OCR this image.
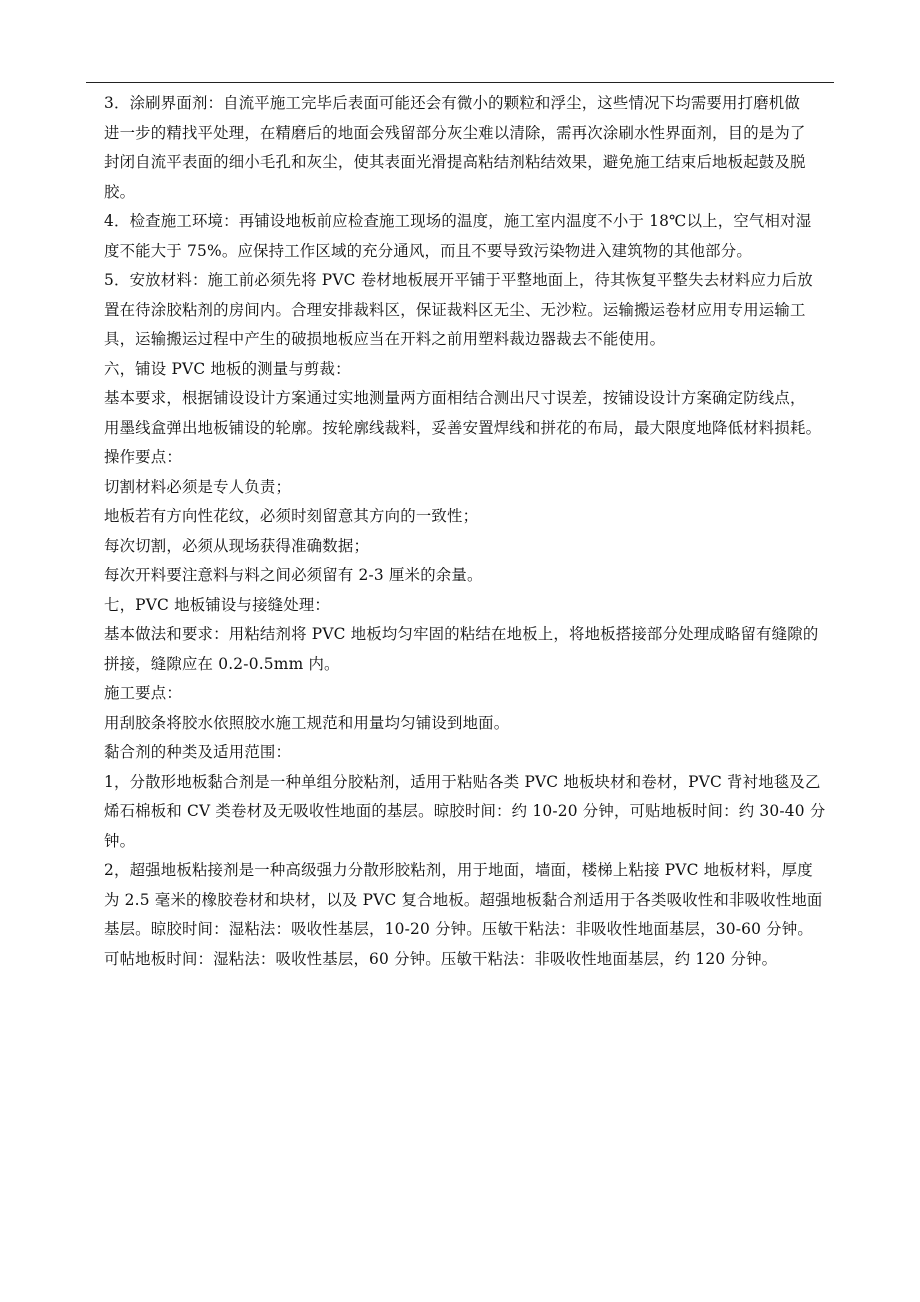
3．涂刷界面剂：自流平施工完毕后表面可能还会有微小的颗粒和浮尘，这些情况下均需要用打磨机做
进一步的精找平处理，在精磨后的地面会残留部分灰尘难以清除，需再次涂刷水性界面剂，目的是为了
封闭自流平表面的细小毛孔和灰尘，使其表面光滑提高粘结剂粘结效果，避免施工结束后地板起鼓及脱
胶。
4．检查施工环境：再铺设地板前应检查施工现场的温度，施工室内温度不小于 18℃以上，空气相对湿
度不能大于 75%。应保持工作区域的充分通风，而且不要导致污染物进入建筑物的其他部分。
5．安放材料：施工前必须先将 PVC 卷材地板展开平铺于平整地面上，待其恢复平整失去材料应力后放
置在待涂胶粘剂的房间内。合理安排裁料区，保证裁料区无尘、无沙粒。运输搬运卷材应用专用运输工
具，运输搬运过程中产生的破损地板应当在开料之前用塑料裁边器裁去不能使用。
六，铺设 PVC 地板的测量与剪裁：
基本要求，根据铺设设计方案通过实地测量两方面相结合测出尺寸误差，按铺设设计方案确定防线点，
用墨线盒弹出地板铺设的轮廓。按轮廓线裁料，妥善安置焊线和拼花的布局，最大限度地降低材料损耗。
操作要点：
切割材料必须是专人负责；
地板若有方向性花纹，必须时刻留意其方向的一致性；
每次切割，必须从现场获得准确数据；
每次开料要注意料与料之间必须留有 2-3 厘米的余量。
七，PVC 地板铺设与接缝处理：
基本做法和要求：用粘结剂将 PVC 地板均匀牢固的粘结在地板上，将地板搭接部分处理成略留有缝隙的
拼接，缝隙应在 0.2-0.5mm 内。
施工要点：
用刮胶条将胶水依照胶水施工规范和用量均匀铺设到地面。
黏合剂的种类及适用范围：
1，分散形地板黏合剂是一种单组分胶粘剂，适用于粘贴各类 PVC 地板块材和卷材，PVC 背衬地毯及乙
烯石棉板和 CV 类卷材及无吸收性地面的基层。晾胶时间：约 10-20 分钟，可贴地板时间：约 30-40 分
钟。
2，超强地板粘接剂是一种高级强力分散形胶粘剂，用于地面，墙面，楼梯上粘接 PVC 地板材料，厚度
为 2.5 毫米的橡胶卷材和块材，以及 PVC 复合地板。超强地板黏合剂适用于各类吸收性和非吸收性地面
基层。晾胶时间：湿粘法：吸收性基层，10-20 分钟。压敏干粘法：非吸收性地面基层，30-60 分钟。
可帖地板时间：湿粘法：吸收性基层，60 分钟。压敏干粘法：非吸收性地面基层，约 120 分钟。
